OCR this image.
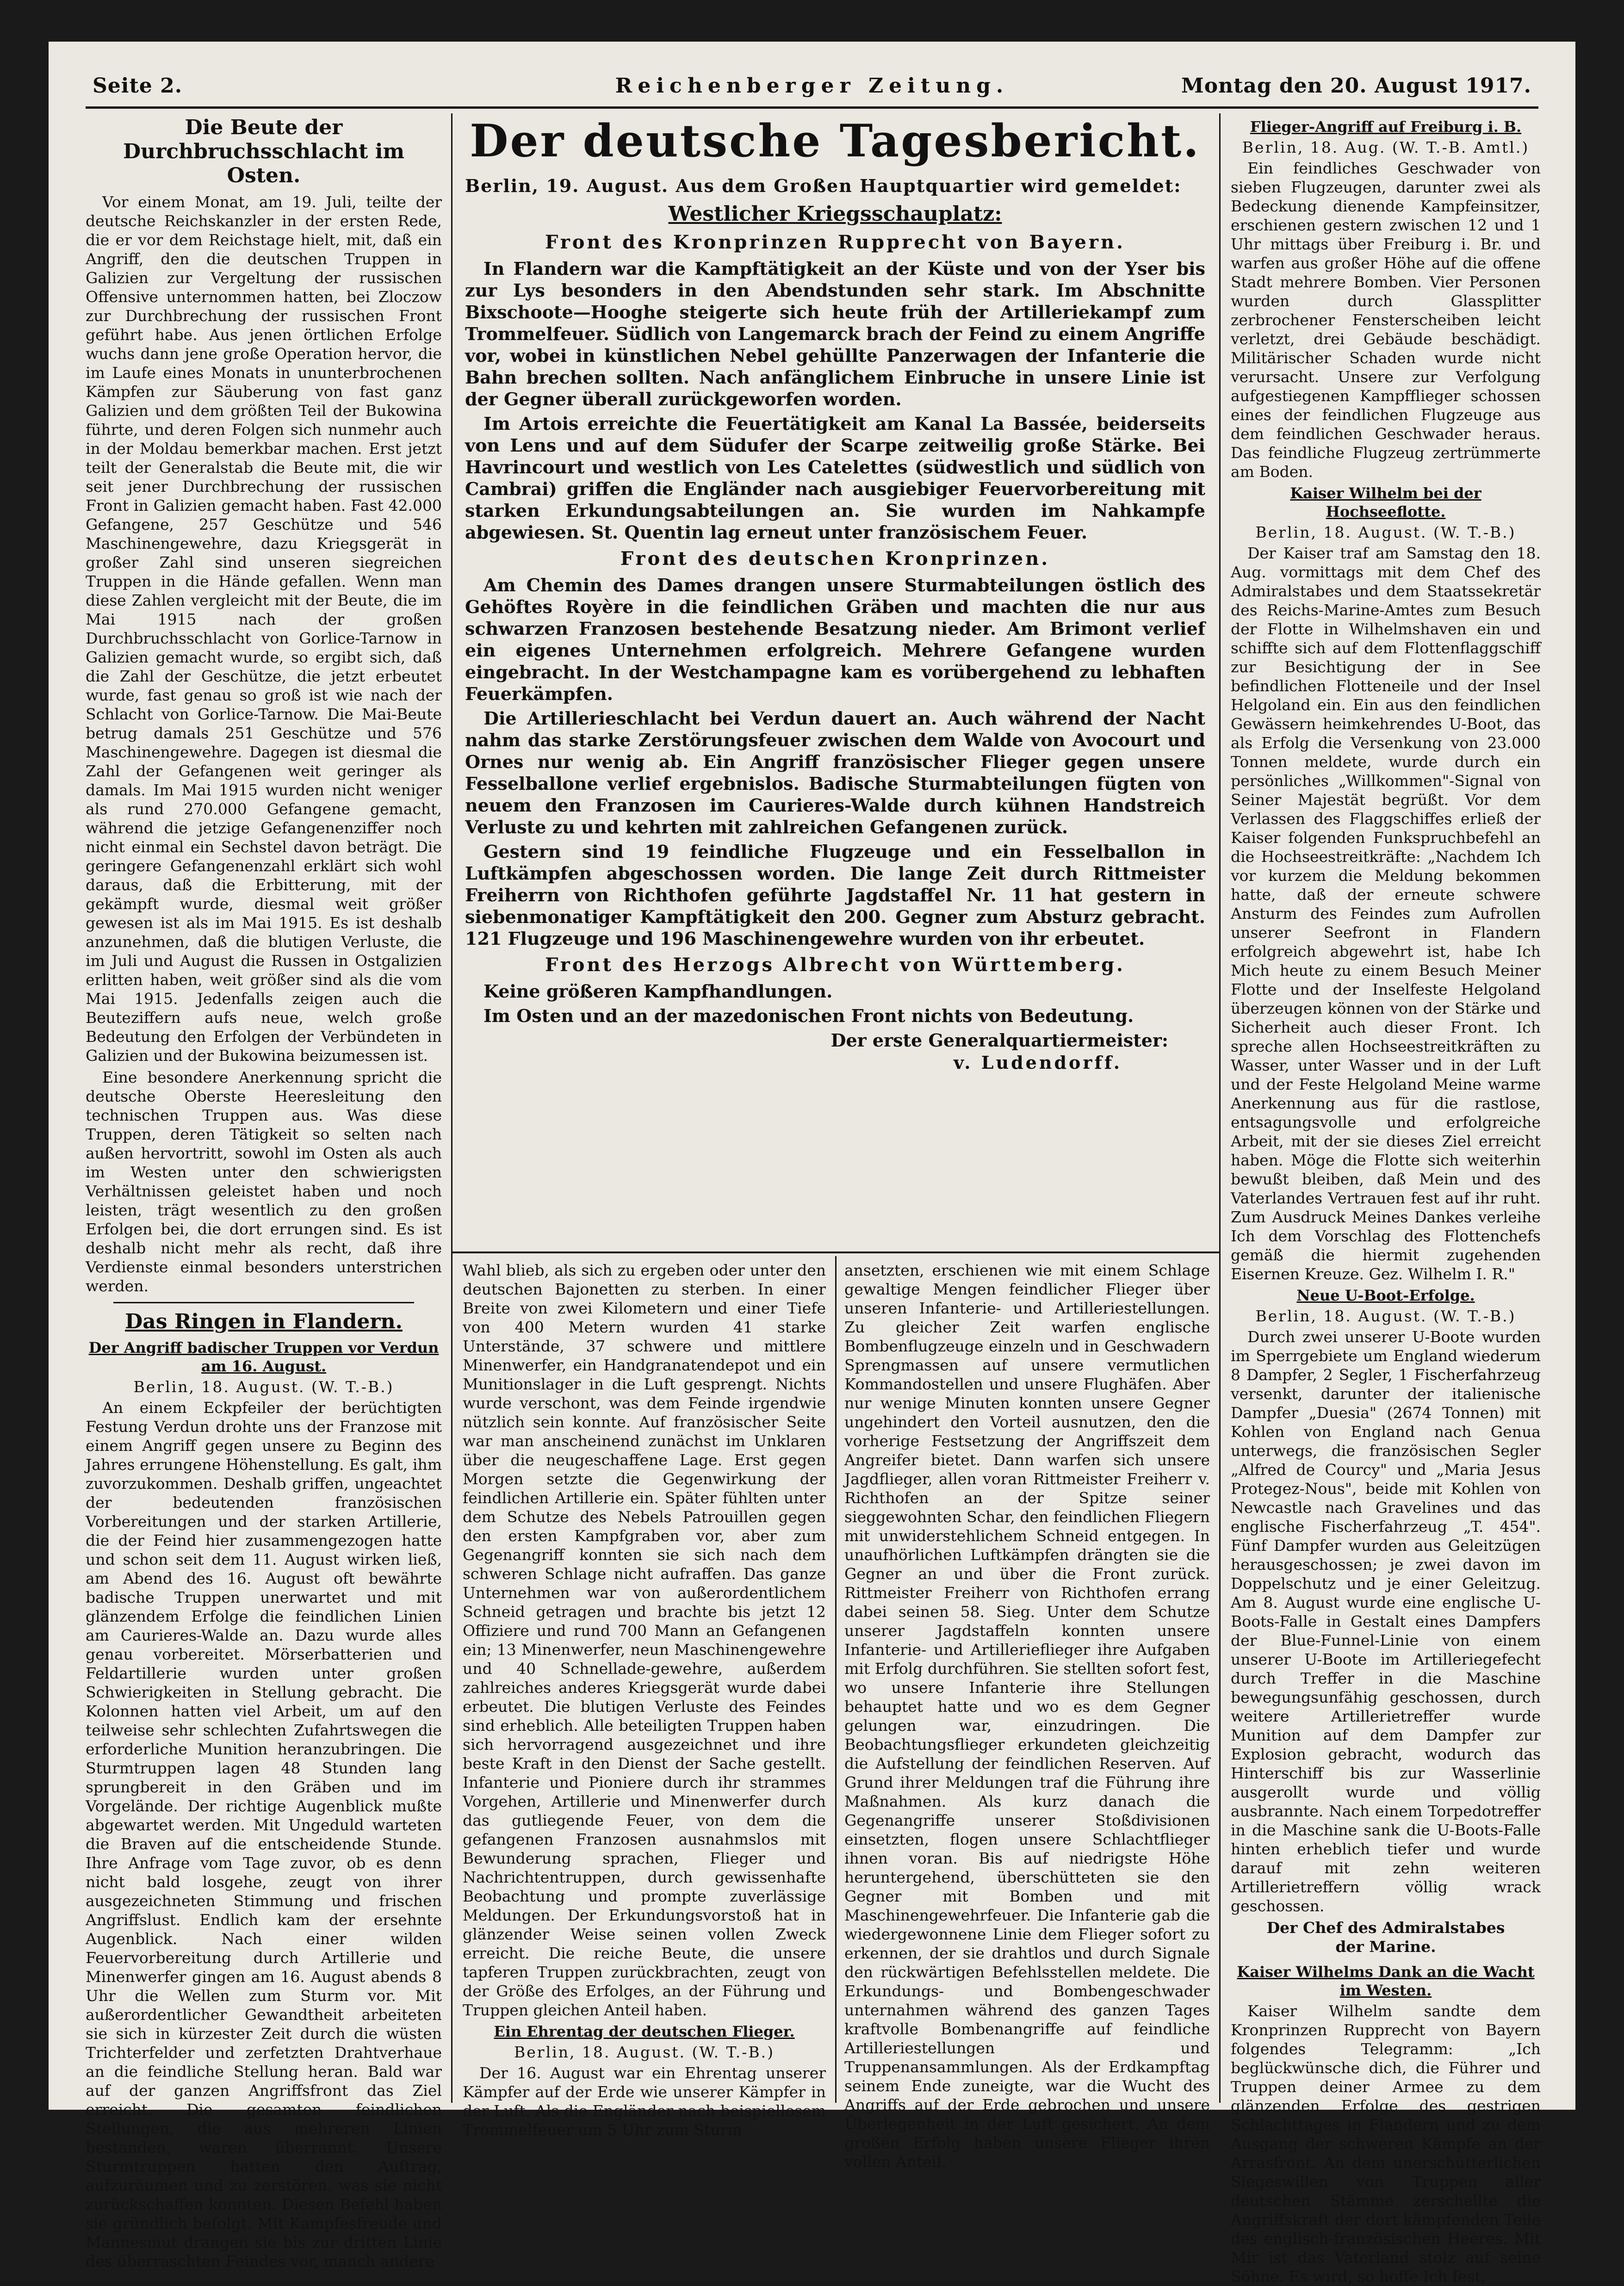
Seite 2.	Reichenberger Zeitung.	Montag den 20. August 1917.
Die Beute der Durchbruchsschlacht im Osten.

Vor einem Monat, am 19. Juli, teilte der deutsche Reichskanzler in der ersten Rede, die er vor dem Reichstage hielt, mit, daß ein Angriff, den die deutschen Truppen in Galizien zur Vergeltung der russischen Offensive unternommen hatten, bei Zloczow zur Durchbrechung der russischen Front geführt habe. Aus jenen örtlichen Erfolge wuchs dann jene große Operation hervor, die im Laufe eines Monats in ununterbrochenen Kämpfen zur Säuberung von fast ganz Galizien und dem größten Teil der Bukowina führte, und deren Folgen sich nunmehr auch in der Moldau bemerkbar machen. Erst jetzt teilt der Generalstab die Beute mit, die wir seit jener Durchbrechung der russischen Front in Galizien gemacht haben. Fast 42.000 Gefangene, 257 Geschütze und 546 Maschinengewehre, dazu Kriegsgerät in großer Zahl sind unseren siegreichen Truppen in die Hände gefallen. Wenn man diese Zahlen vergleicht mit der Beute, die im Mai 1915 nach der großen Durchbruchsschlacht von Gorlice-Tarnow in Galizien gemacht wurde, so ergibt sich, daß die Zahl der Geschütze, die jetzt erbeutet wurde, fast genau so groß ist wie nach der Schlacht von Gorlice-Tarnow. Die Mai-Beute betrug damals 251 Geschütze und 576 Maschinengewehre. Dagegen ist diesmal die Zahl der Gefangenen weit geringer als damals. Im Mai 1915 wurden nicht weniger als rund 270.000 Gefangene gemacht, während die jetzige Gefangenenziffer noch nicht einmal ein Sechstel davon beträgt. Die geringere Gefangenenzahl erklärt sich wohl daraus, daß die Erbitterung, mit der gekämpft wurde, diesmal weit größer gewesen ist als im Mai 1915. Es ist deshalb anzunehmen, daß die blutigen Verluste, die im Juli und August die Russen in Ostgalizien erlitten haben, weit größer sind als die vom Mai 1915. Jedenfalls zeigen auch die Beuteziffern aufs neue, welch große Bedeutung den Erfolgen der Verbündeten in Galizien und der Bukowina beizumessen ist.

Eine besondere Anerkennung spricht die deutsche Oberste Heeresleitung den technischen Truppen aus. Was diese Truppen, deren Tätigkeit so selten nach außen hervortritt, sowohl im Osten als auch im Westen unter den schwierigsten Verhältnissen geleistet haben und noch leisten, trägt wesentlich zu den großen Erfolgen bei, die dort errungen sind. Es ist deshalb nicht mehr als recht, daß ihre Verdienste einmal besonders unterstrichen werden.

Das Ringen in Flandern.
Der Angriff badischer Truppen vor Verdun am 16. August.
Berlin, 18. August. (W. T.-B.)

An einem Eckpfeiler der berüchtigten Festung Verdun drohte uns der Franzose mit einem Angriff gegen unsere zu Beginn des Jahres errungene Höhenstellung. Es galt, ihm zuvorzukommen. Deshalb griffen, ungeachtet der bedeutenden französischen Vorbereitungen und der starken Artillerie, die der Feind hier zusammengezogen hatte und schon seit dem 11. August wirken ließ, am Abend des 16. August oft bewährte badische Truppen unerwartet und mit glänzendem Erfolge die feindlichen Linien am Caurieres-Walde an. Dazu wurde alles genau vorbereitet. Mörserbatterien und Feldartillerie wurden unter großen Schwierigkeiten in Stellung gebracht. Die Kolonnen hatten viel Arbeit, um auf den teilweise sehr schlechten Zufahrtswegen die erforderliche Munition heranzubringen. Die Sturmtruppen lagen 48 Stunden lang sprungbereit in den Gräben und im Vorgelände. Der richtige Augenblick mußte abgewartet werden. Mit Ungeduld warteten die Braven auf die entscheidende Stunde. Ihre Anfrage vom Tage zuvor, ob es denn nicht bald losgehe, zeugt von ihrer ausgezeichneten Stimmung und frischen Angriffslust. Endlich kam der ersehnte Augenblick. Nach einer wilden Feuervorbereitung durch Artillerie und Minenwerfer gingen am 16. August abends 8 Uhr die Wellen zum Sturm vor. Mit außerordentlicher Gewandtheit arbeiteten sie sich in kürzester Zeit durch die wüsten Trichterfelder und zerfetzten Drahtverhaue an die feindliche Stellung heran. Bald war auf der ganzen Angriffsfront das Ziel erreicht. Die gesamten feindlichen Stellungen, die aus mehreren Linien bestanden, waren überrannt. Unsere Sturmtruppen hatten den Auftrag, aufzuräumen und zu zerstören, was sie nicht zurückschaffen konnten. Diesen Befehl haben sie gründlich befolgt. Mit Kampfesfreude und Mannesmut drangen sie bis zur dritten Linie des überraschten Feindes vor, manch andere

Der deutsche Tagesbericht.
Berlin, 19. August. Aus dem Großen Hauptquartier wird gemeldet:
Westlicher Kriegsschauplatz:
Front des Kronprinzen Rupprecht von Bayern.

In Flandern war die Kampftätigkeit an der Küste und von der Yser bis zur Lys besonders in den Abendstunden sehr stark. Im Abschnitte Bixschoote—Hooghe steigerte sich heute früh der Artilleriekampf zum Trommelfeuer. Südlich von Langemarck brach der Feind zu einem Angriffe vor, wobei in künstlichen Nebel gehüllte Panzerwagen der Infanterie die Bahn brechen sollten. Nach anfänglichem Einbruche in unsere Linie ist der Gegner überall zurückgeworfen worden.

Im Artois erreichte die Feuertätigkeit am Kanal La Bassée, beiderseits von Lens und auf dem Südufer der Scarpe zeitweilig große Stärke. Bei Havrincourt und westlich von Les Catelettes (südwestlich und südlich von Cambrai) griffen die Engländer nach ausgiebiger Feuervorbereitung mit starken Erkundungsabteilungen an. Sie wurden im Nahkampfe abgewiesen. St. Quentin lag erneut unter französischem Feuer.

Front des deutschen Kronprinzen.

Am Chemin des Dames drangen unsere Sturmabteilungen östlich des Gehöftes Royère in die feindlichen Gräben und machten die nur aus schwarzen Franzosen bestehende Besatzung nieder. Am Brimont verlief ein eigenes Unternehmen erfolgreich. Mehrere Gefangene wurden eingebracht. In der Westchampagne kam es vorübergehend zu lebhaften Feuerkämpfen.

Die Artillerieschlacht bei Verdun dauert an. Auch während der Nacht nahm das starke Zerstörungsfeuer zwischen dem Walde von Avocourt und Ornes nur wenig ab. Ein Angriff französischer Flieger gegen unsere Fesselballone verlief ergebnislos. Badische Sturmabteilungen fügten von neuem den Franzosen im Caurieres-Walde durch kühnen Handstreich Verluste zu und kehrten mit zahlreichen Gefangenen zurück.

Gestern sind 19 feindliche Flugzeuge und ein Fesselballon in Luftkämpfen abgeschossen worden. Die lange Zeit durch Rittmeister Freiherrn von Richthofen geführte Jagdstaffel Nr. 11 hat gestern in siebenmonatiger Kampftätigkeit den 200. Gegner zum Absturz gebracht. 121 Flugzeuge und 196 Maschinengewehre wurden von ihr erbeutet.

Front des Herzogs Albrecht von Württemberg.

Keine größeren Kampfhandlungen.

Im Osten und an der mazedonischen Front nichts von Bedeutung.

Der erste Generalquartiermeister:
v. Ludendorff.

Wahl blieb, als sich zu ergeben oder unter den deutschen Bajonetten zu sterben. In einer Breite von zwei Kilometern und einer Tiefe von 400 Metern wurden 41 starke Unterstände, 37 schwere und mittlere Minenwerfer, ein Handgranatendepot und ein Munitionslager in die Luft gesprengt. Nichts wurde verschont, was dem Feinde irgendwie nützlich sein konnte. Auf französischer Seite war man anscheinend zunächst im Unklaren über die neugeschaffene Lage. Erst gegen Morgen setzte die Gegenwirkung der feindlichen Artillerie ein. Später fühlten unter dem Schutze des Nebels Patrouillen gegen den ersten Kampfgraben vor, aber zum Gegenangriff konnten sie sich nach dem schweren Schlage nicht aufraffen. Das ganze Unternehmen war von außerordentlichem Schneid getragen und brachte bis jetzt 12 Offiziere und rund 700 Mann an Gefangenen ein; 13 Minenwerfer, neun Maschinengewehre und 40 Schnellade-gewehre, außerdem zahlreiches anderes Kriegsgerät wurde dabei erbeutet. Die blutigen Verluste des Feindes sind erheblich. Alle beteiligten Truppen haben sich hervorragend ausgezeichnet und ihre beste Kraft in den Dienst der Sache gestellt. Infanterie und Pioniere durch ihr strammes Vorgehen, Artillerie und Minenwerfer durch das gutliegende Feuer, von dem die gefangenen Franzosen ausnahmslos mit Bewunderung sprachen, Flieger und Nachrichtentruppen, durch gewissenhafte Beobachtung und prompte zuverlässige Meldungen. Der Erkundungsvorstoß hat in glänzender Weise seinen vollen Zweck erreicht. Die reiche Beute, die unsere tapferen Truppen zurückbrachten, zeugt von der Größe des Erfolges, an der Führung und Truppen gleichen Anteil haben.

Ein Ehrentag der deutschen Flieger.
Berlin, 18. August. (W. T.-B.)

Der 16. August war ein Ehrentag unserer Kämpfer auf der Erde wie unserer Kämpfer in der Luft. Als die Engländer nach beispiellosem Trommelfeuer um 5 Uhr zum Sturm

ansetzten, erschienen wie mit einem Schlage gewaltige Mengen feindlicher Flieger über unseren Infanterie- und Artilleriestellungen. Zu gleicher Zeit warfen englische Bombenflugzeuge einzeln und in Geschwadern Sprengmassen auf unsere vermutlichen Kommandostellen und unsere Flughäfen. Aber nur wenige Minuten konnten unsere Gegner ungehindert den Vorteil ausnutzen, den die vorherige Festsetzung der Angriffszeit dem Angreifer bietet. Dann warfen sich unsere Jagdflieger, allen voran Rittmeister Freiherr v. Richthofen an der Spitze seiner sieggewohnten Schar, den feindlichen Fliegern mit unwiderstehlichem Schneid entgegen. In unaufhörlichen Luftkämpfen drängten sie die Gegner an und über die Front zurück. Rittmeister Freiherr von Richthofen errang dabei seinen 58. Sieg. Unter dem Schutze unserer Jagdstaffeln konnten unsere Infanterie- und Artillerieflieger ihre Aufgaben mit Erfolg durchführen. Sie stellten sofort fest, wo unsere Infanterie ihre Stellungen behauptet hatte und wo es dem Gegner gelungen war, einzudringen. Die Beobachtungsflieger erkundeten gleichzeitig die Aufstellung der feindlichen Reserven. Auf Grund ihrer Meldungen traf die Führung ihre Maßnahmen. Als kurz danach die Gegenangriffe unserer Stoßdivisionen einsetzten, flogen unsere Schlachtflieger ihnen voran. Bis auf niedrigste Höhe heruntergehend, überschütteten sie den Gegner mit Bomben und mit Maschinengewehrfeuer. Die Infanterie gab die wiedergewonnene Linie dem Flieger sofort zu erkennen, der sie drahtlos und durch Signale den rückwärtigen Befehlsstellen meldete. Die Erkundungs- und Bombengeschwader unternahmen während des ganzen Tages kraftvolle Bombenangriffe auf feindliche Artilleriestellungen und Truppenansammlungen. Als der Erdkampftag seinem Ende zuneigte, war die Wucht des Angriffs auf der Erde gebrochen und unsere Überlegenheit in der Luft gesichert. An dem großen Erfolg haben unsere Flieger ihren vollen Anteil.

Flieger-Angriff auf Freiburg i. B.
Berlin, 18. Aug. (W. T.-B. Amtl.)

Ein feindliches Geschwader von sieben Flugzeugen, darunter zwei als Bedeckung dienende Kampfeinsitzer, erschienen gestern zwischen 12 und 1 Uhr mittags über Freiburg i. Br. und warfen aus großer Höhe auf die offene Stadt mehrere Bomben. Vier Personen wurden durch Glassplitter zerbrochener Fensterscheiben leicht verletzt, drei Gebäude beschädigt. Militärischer Schaden wurde nicht verursacht. Unsere zur Verfolgung aufgestiegenen Kampfflieger schossen eines der feindlichen Flugzeuge aus dem feindlichen Geschwader heraus. Das feindliche Flugzeug zertrümmerte am Boden.

Kaiser Wilhelm bei der Hochseeflotte.
Berlin, 18. August. (W. T.-B.)

Der Kaiser traf am Samstag den 18. Aug. vormittags mit dem Chef des Admiralstabes und dem Staatssekretär des Reichs-Marine-Amtes zum Besuch der Flotte in Wilhelmshaven ein und schiffte sich auf dem Flottenflaggschiff zur Besichtigung der in See befindlichen Flotteneile und der Insel Helgoland ein. Ein aus den feindlichen Gewässern heimkehrendes U-Boot, das als Erfolg die Versenkung von 23.000 Tonnen meldete, wurde durch ein persönliches „Willkommen"-Signal von Seiner Majestät begrüßt. Vor dem Verlassen des Flaggschiffes erließ der Kaiser folgenden Funkspruchbefehl an die Hochseestreitkräfte: „Nachdem Ich vor kurzem die Meldung bekommen hatte, daß der erneute schwere Ansturm des Feindes zum Aufrollen unserer Seefront in Flandern erfolgreich abgewehrt ist, habe Ich Mich heute zu einem Besuch Meiner Flotte und der Inselfeste Helgoland überzeugen können von der Stärke und Sicherheit auch dieser Front. Ich spreche allen Hochseestreitkräften zu Wasser, unter Wasser und in der Luft und der Feste Helgoland Meine warme Anerkennung aus für die rastlose, entsagungsvolle und erfolgreiche Arbeit, mit der sie dieses Ziel erreicht haben. Möge die Flotte sich weiterhin bewußt bleiben, daß Mein und des Vaterlandes Vertrauen fest auf ihr ruht. Zum Ausdruck Meines Dankes verleihe Ich dem Vorschlag des Flottenchefs gemäß die hiermit zugehenden Eisernen Kreuze. Gez. Wilhelm I. R."

Neue U-Boot-Erfolge.
Berlin, 18. August. (W. T.-B.)

Durch zwei unserer U-Boote wurden im Sperrgebiete um England wiederum 8 Dampfer, 2 Segler, 1 Fischerfahrzeug versenkt, darunter der italienische Dampfer „Duesia" (2674 Tonnen) mit Kohlen von England nach Genua unterwegs, die französischen Segler „Alfred de Courcy" und „Maria Jesus Protegez-Nous", beide mit Kohlen von Newcastle nach Gravelines und das englische Fischerfahrzeug „T. 454". Fünf Dampfer wurden aus Geleitzügen herausgeschossen; je zwei davon im Doppelschutz und je einer Geleitzug. Am 8. August wurde eine englische U-Boots-Falle in Gestalt eines Dampfers der Blue-Funnel-Linie von einem unserer U-Boote im Artilleriegefecht durch Treffer in die Maschine bewegungsunfähig geschossen, durch weitere Artillerietreffer wurde Munition auf dem Dampfer zur Explosion gebracht, wodurch das Hinterschiff bis zur Wasserlinie ausgerollt wurde und völlig ausbrannte. Nach einem Torpedotreffer in die Maschine sank die U-Boots-Falle hinten erheblich tiefer und wurde darauf mit zehn weiteren Artillerietreffern völlig wrack geschossen.

Der Chef des Admiralstabes
der Marine.
Kaiser Wilhelms Dank an die Wacht im Westen.

Kaiser Wilhelm sandte dem Kronprinzen Rupprecht von Bayern folgendes Telegramm: „Ich beglückwünsche dich, die Führer und Truppen deiner Armee zu dem glänzenden Erfolge des gestrigen Schlachttages in Flandern und zu dem Ausgang der schweren Kämpfe an der Arrasfront. An dem unerschütterlichen Siegeswillen von Truppen aller deutschen Stämme zerschellte die Angriffskraft der dort kämpfenden Teile des englisch-französischen Heeres. Mit Mir ist das Vaterland stolz auf seine Söhne. Es wird, so hoffe Ich fest,
